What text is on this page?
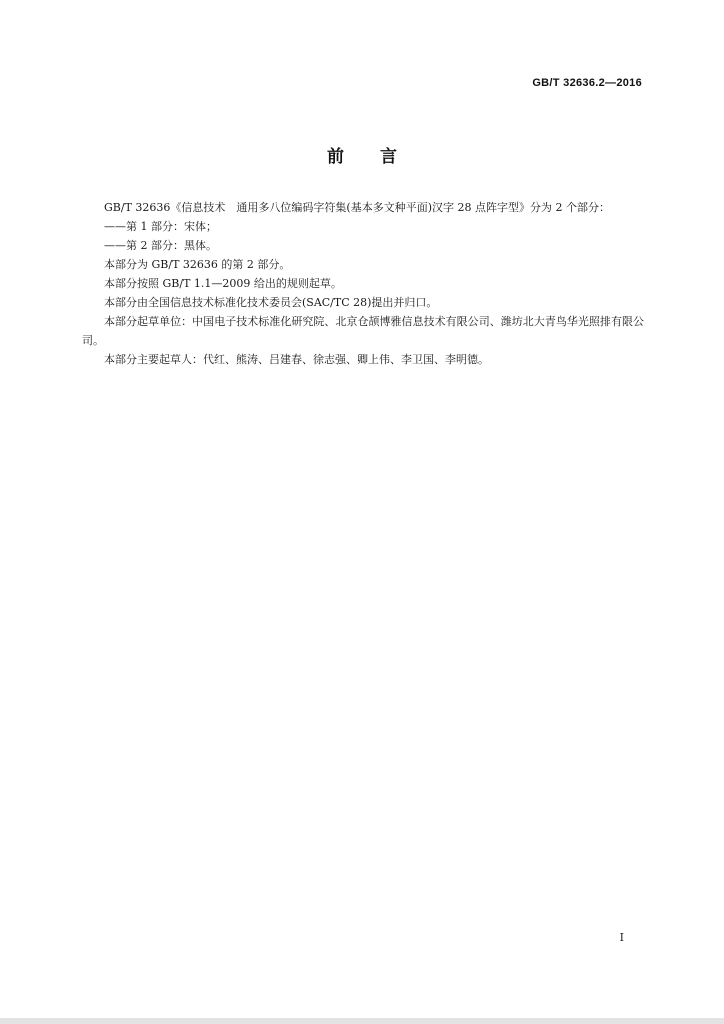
GB/T 32636.2—2016
前言

GB/T 32636《信息技术　通用多八位编码字符集(基本多文种平面)汉字 28 点阵字型》分为 2 个部分：

——第 1 部分：宋体；

——第 2 部分：黑体。

本部分为 GB/T 32636 的第 2 部分。

本部分按照 GB/T 1.1—2009 给出的规则起草。

本部分由全国信息技术标准化技术委员会(SAC/TC 28)提出并归口。

本部分起草单位：中国电子技术标准化研究院、北京仓颉博雅信息技术有限公司、潍坊北大青鸟华光照排有限公司。

本部分主要起草人：代红、熊涛、吕建春、徐志强、卿上伟、李卫国、李明德。

I
